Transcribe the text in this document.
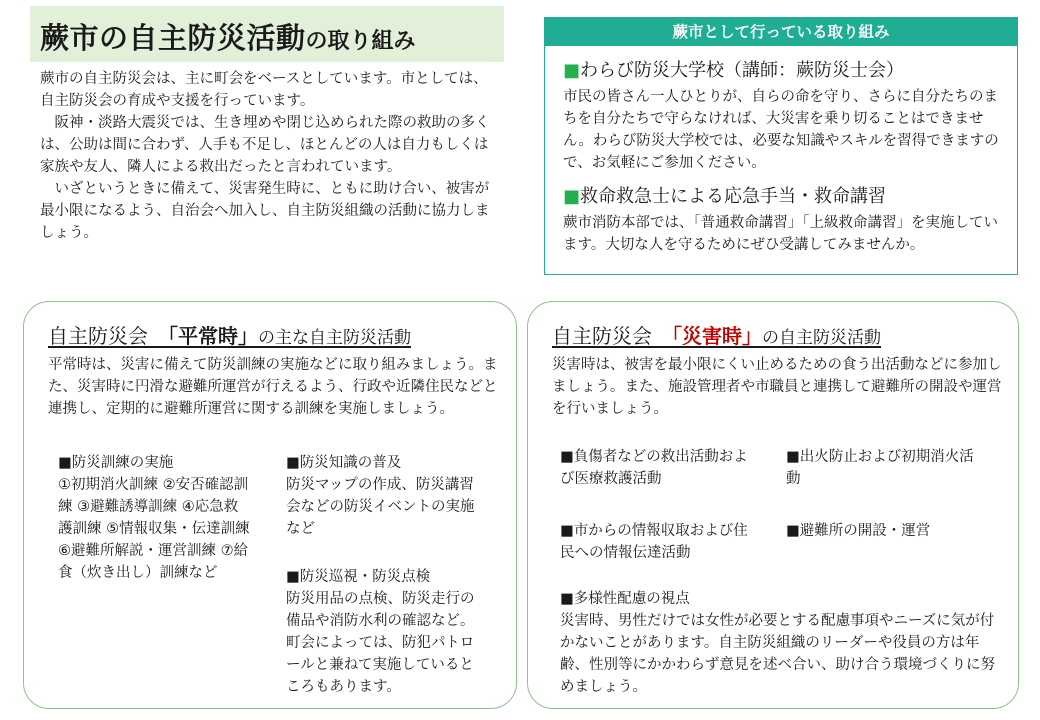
蕨市の自主防災活動の取り組み

蕨市の自主防災会は、主に町会をベースとしています。市としては、自主防災会の育成や支援を行っています。

阪神・淡路大震災では、生き埋めや閉じ込められた際の救助の多くは、公助は間に合わず、人手も不足し、ほとんどの人は自力もしくは家族や友人、隣人による救出だったと言われています。

いざというときに備えて、災害発生時に、ともに助け合い、被害が最小限になるよう、自治会へ加入し、自主防災組織の活動に協力しましょう。

蕨市として行っている取り組み
■わらび防災大学校（講師：蕨防災士会）

市民の皆さん一人ひとりが、自らの命を守り、さらに自分たちのまちを自分たちで守らなければ、大災害を乗り切ることはできません。わらび防災大学校では、必要な知識やスキルを習得できますので、お気軽にご参加ください。

■救命救急士による応急手当・救命講習

蕨市消防本部では、「普通救命講習」「上級救命講習」を実施しています。大切な人を守るためにぜひ受講してみませんか。

自主防災会　「平常時」の主な自主防災活動
平常時は、災害に備えて防災訓練の実施などに取り組みましょう。また、災害時に円滑な避難所運営が行えるよう、行政や近隣住民などと連携し、定期的に避難所運営に関する訓練を実施しましょう。
■防災訓練の実施
①初期消火訓練 ②安否確認訓練 ③避難誘導訓練 ④応急救護訓練 ⑤情報収集・伝達訓練 ⑥避難所解説・運営訓練 ⑦給食（炊き出し）訓練など
■防災知識の普及
防災マップの作成、防災講習会などの防災イベントの実施など
■防災巡視・防災点検
防災用品の点検、防災走行の備品や消防水利の確認など。町会によっては、防犯パトロールと兼ねて実施しているところもあります。
自主防災会　「災害時」の自主防災活動
災害時は、被害を最小限にくい止めるための食う出活動などに参加しましょう。また、施設管理者や市職員と連携して避難所の開設や運営を行いましょう。
■負傷者などの救出活動および医療救護活動
■出火防止および初期消火活動
■市からの情報収取および住民への情報伝達活動
■避難所の開設・運営
■多様性配慮の視点
災害時、男性だけでは女性が必要とする配慮事項やニーズに気が付かないことがあります。自主防災組織のリーダーや役員の方は年齢、性別等にかかわらず意見を述べ合い、助け合う環境づくりに努めましょう。
